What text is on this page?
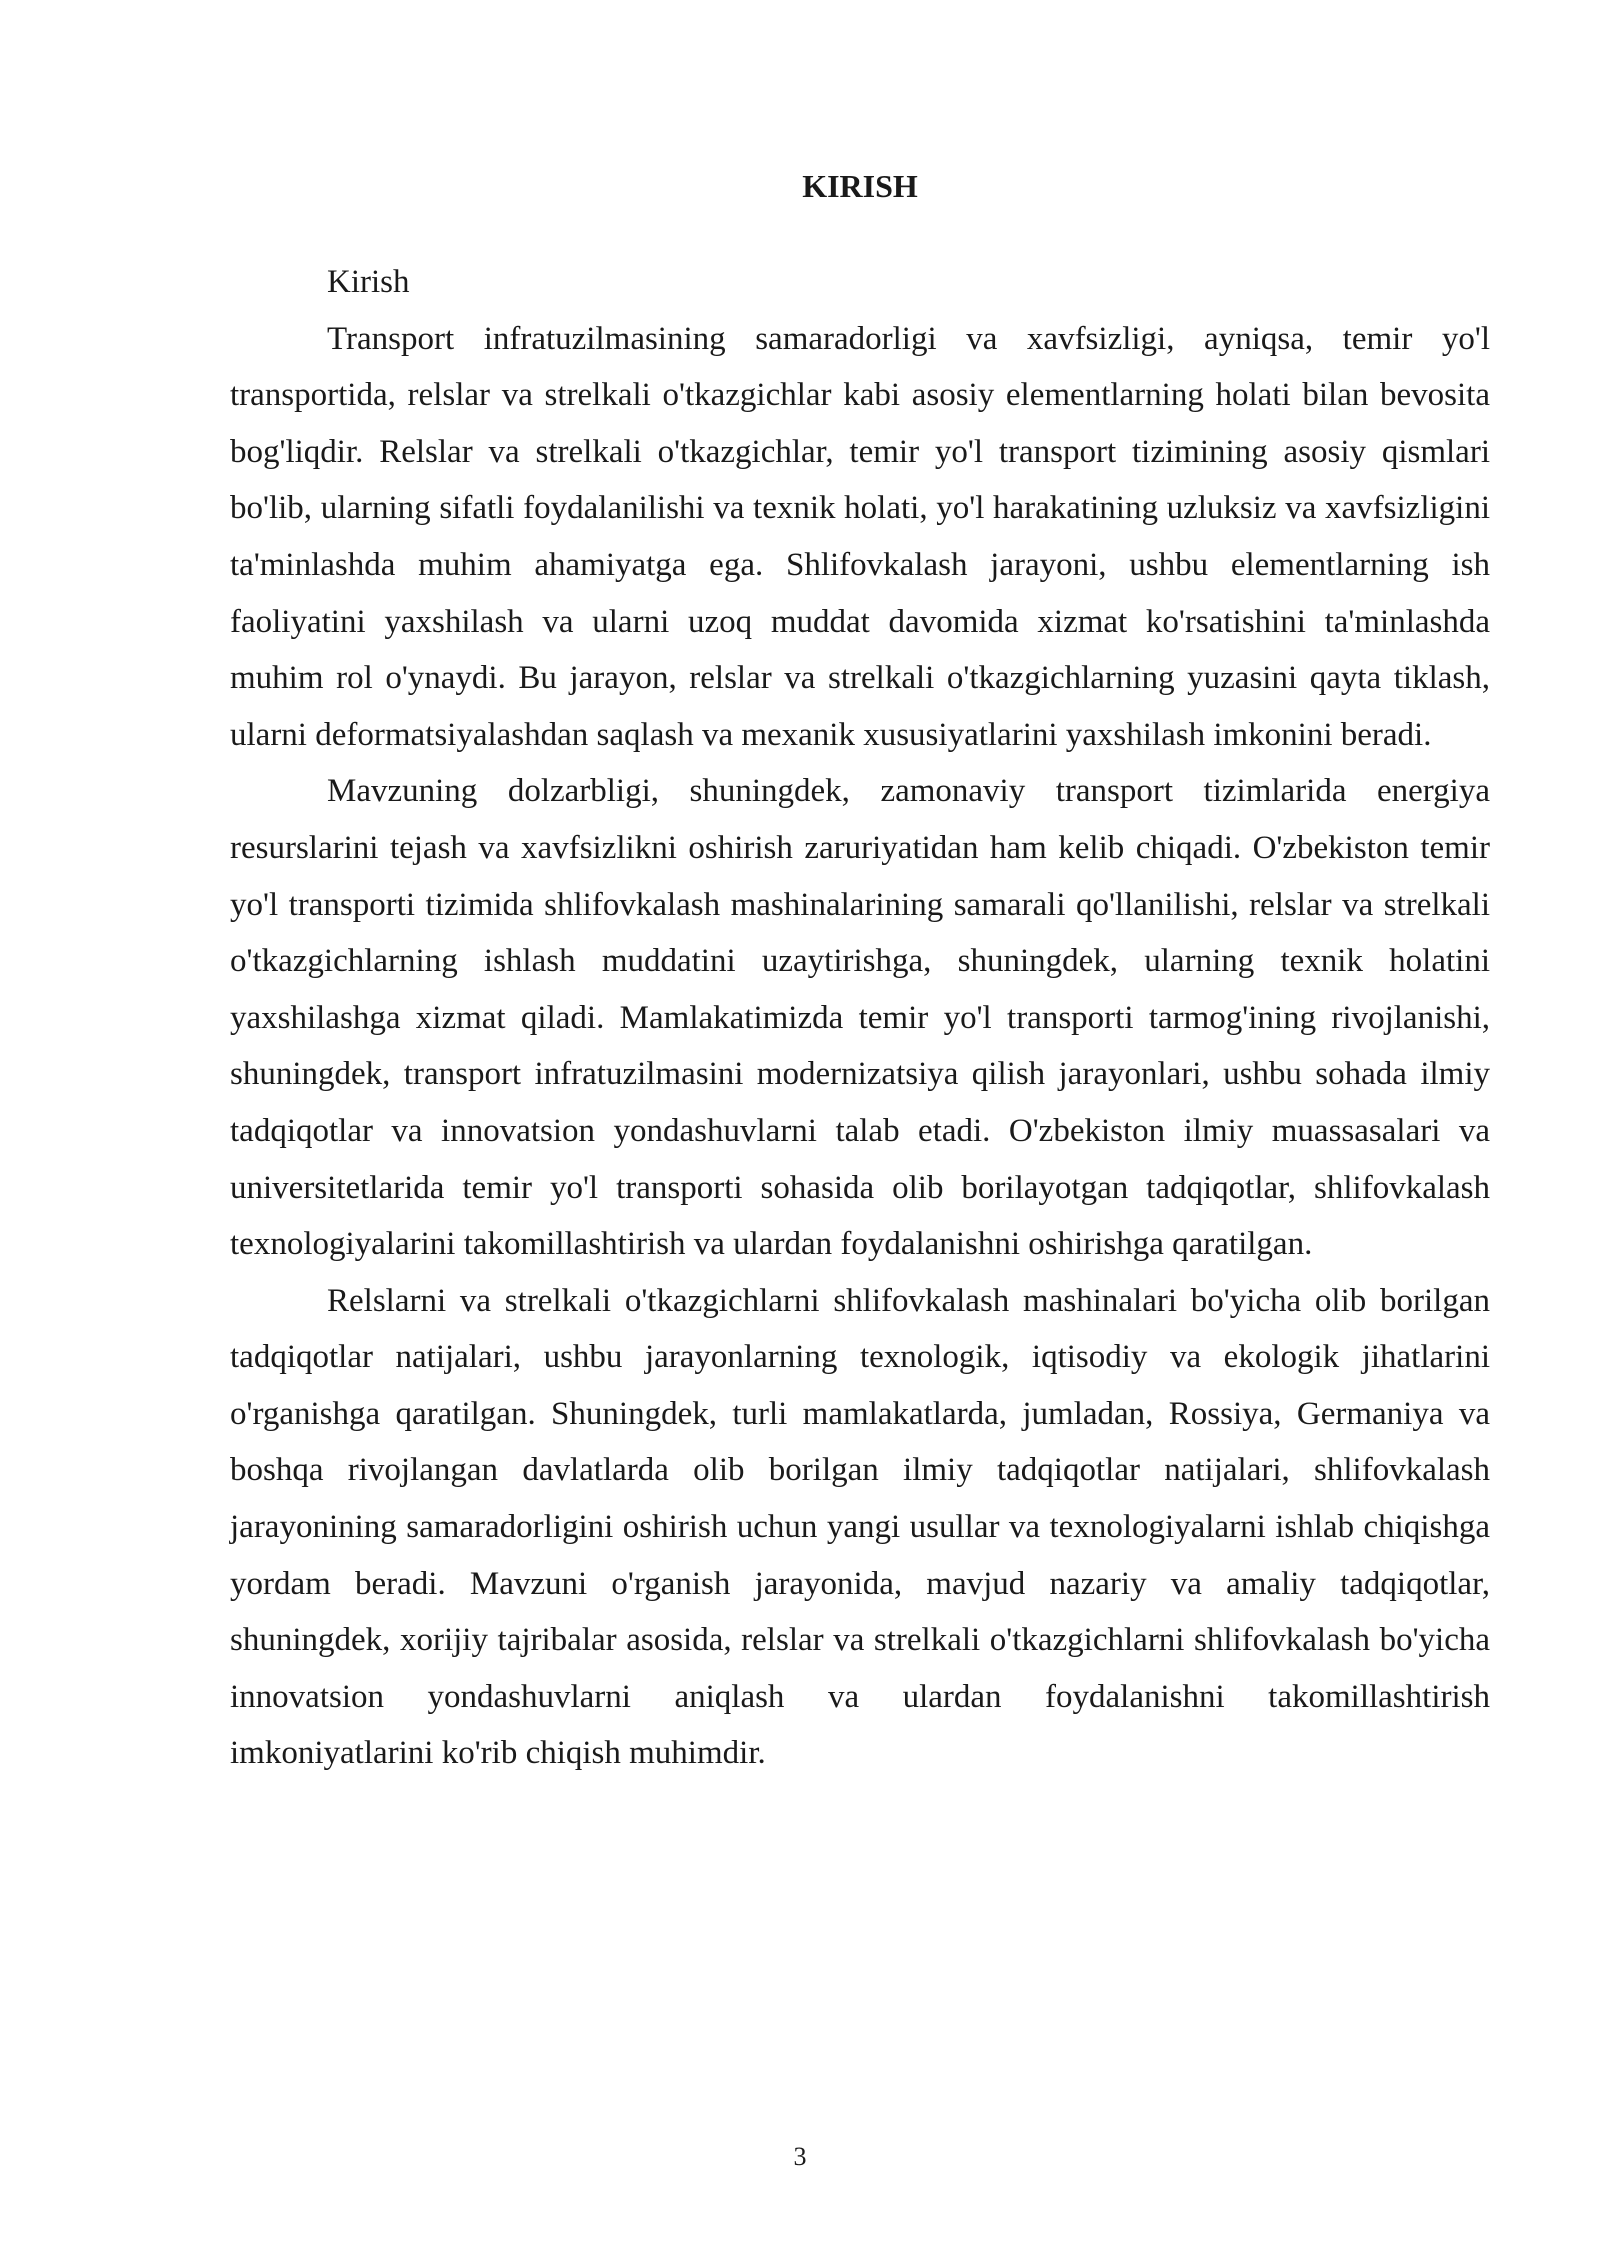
KIRISH

Kirish

Transport infratuzilmasining samaradorligi va xavfsizligi, ayniqsa, temir yo'l transportida, relslar va strelkali o'tkazgichlar kabi asosiy elementlarning holati bilan bevosita bog'liqdir. Relslar va strelkali o'tkazgichlar, temir yo'l transport tizimining asosiy qismlari bo'lib, ularning sifatli foydalanilishi va texnik holati, yo'l harakatining uzluksiz va xavfsizligini ta'minlashda muhim ahamiyatga ega. Shlifovkalash jarayoni, ushbu elementlarning ish faoliyatini yaxshilash va ularni uzoq muddat davomida xizmat ko'rsatishini ta'minlashda muhim rol o'ynaydi. Bu jarayon, relslar va strelkali o'tkazgichlarning yuzasini qayta tiklash, ularni deformatsiyalashdan saqlash va mexanik xususiyatlarini yaxshilash imkonini beradi.

Mavzuning dolzarbligi, shuningdek, zamonaviy transport tizimlarida energiya resurslarini tejash va xavfsizlikni oshirish zaruriyatidan ham kelib chiqadi. O'zbekiston temir yo'l transporti tizimida shlifovkalash mashinalarining samarali qo'llanilishi, relslar va strelkali o'tkazgichlarning ishlash muddatini uzaytirishga, shuningdek, ularning texnik holatini yaxshilashga xizmat qiladi. Mamlakatimizda temir yo'l transporti tarmog'ining rivojlanishi, shuningdek, transport infratuzilmasini modernizatsiya qilish jarayonlari, ushbu sohada ilmiy tadqiqotlar va innovatsion yondashuvlarni talab etadi. O'zbekiston ilmiy muassasalari va universitetlarida temir yo'l transporti sohasida olib borilayotgan tadqiqotlar, shlifovkalash texnologiyalarini takomillashtirish va ulardan foydalanishni oshirishga qaratilgan.

Relslarni va strelkali o'tkazgichlarni shlifovkalash mashinalari bo'yicha olib borilgan tadqiqotlar natijalari, ushbu jarayonlarning texnologik, iqtisodiy va ekologik jihatlarini o'rganishga qaratilgan. Shuningdek, turli mamlakatlarda, jumladan, Rossiya, Germaniya va boshqa rivojlangan davlatlarda olib borilgan ilmiy tadqiqotlar natijalari, shlifovkalash jarayonining samaradorligini oshirish uchun yangi usullar va texnologiyalarni ishlab chiqishga yordam beradi. Mavzuni o'rganish jarayonida, mavjud nazariy va amaliy tadqiqotlar, shuningdek, xorijiy tajribalar asosida, relslar va strelkali o'tkazgichlarni shlifovkalash bo'yicha innovatsion yondashuvlarni aniqlash va ulardan foydalanishni takomillashtirish imkoniyatlarini ko'rib chiqish muhimdir.

3
